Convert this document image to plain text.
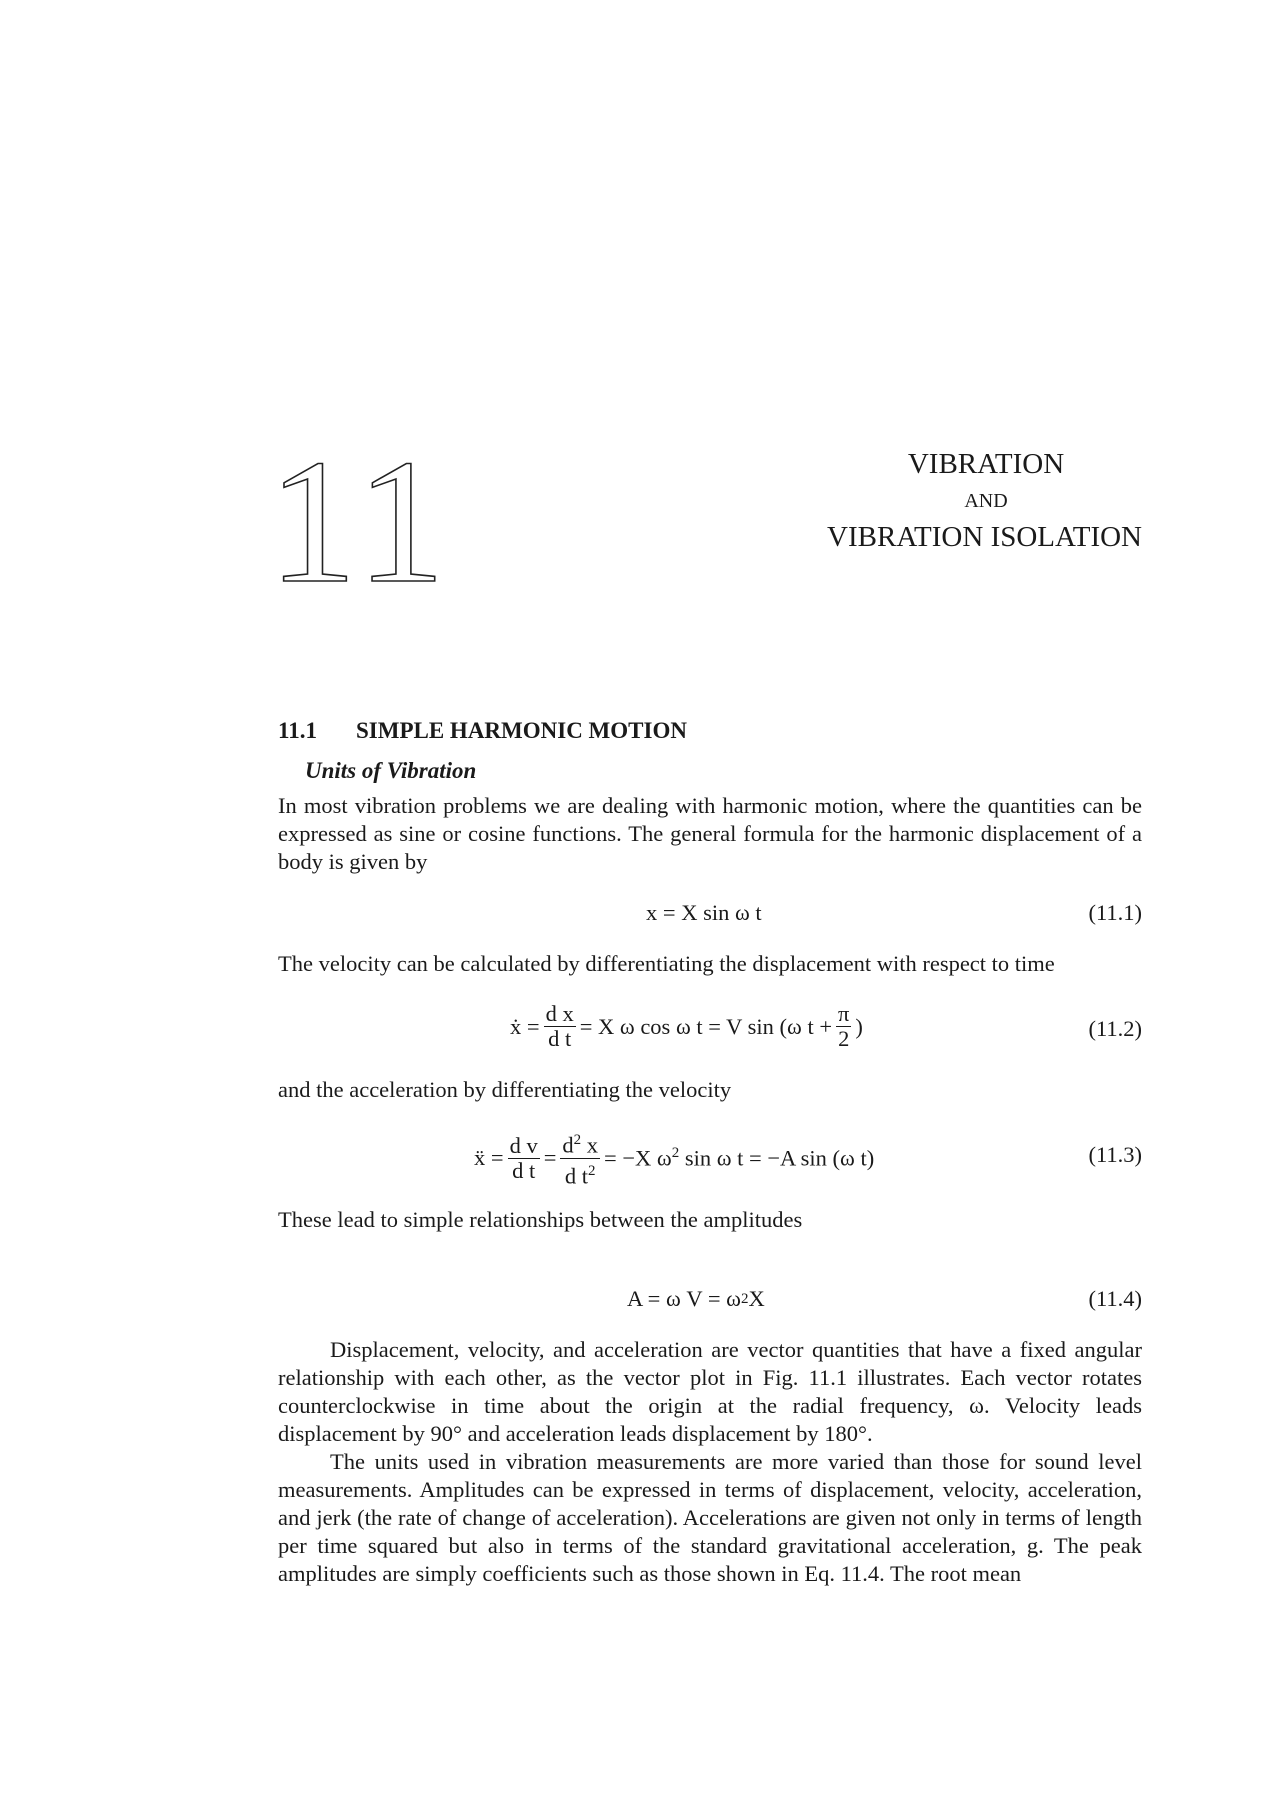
11	VIBRATION
AND
VIBRATION ISOLATION
11.1 SIMPLE HARMONIC MOTION
Units of Vibration

In most vibration problems we are dealing with harmonic motion, where the quantities can be expressed as sine or cosine functions. The general formula for the harmonic displacement of a body is given by

x = X sin ω t	(11.1)

The velocity can be calculated by differentiating the displacement with respect to time

ẋ = $\frac{\text{d x}}{\text{d t}} = X$ ω cos ω t = V sin (ω $t + \frac{\pi}{2}$ )	(11.2)

and the acceleration by differentiating the velocity

ẍ = $\frac{\text{d v}}{\text{d t}} = \frac{d^2 x}{d t^2} = -X$ $\omega^2$ sin ω t = −A sin (ω t)	(11.3)

These lead to simple relationships between the amplitudes

A = ω V = ω 2 X	(11.4)

Displacement, velocity, and acceleration are vector quantities that have a fixed angular relationship with each other, as the vector plot in Fig. 11.1 illustrates. Each vector rotates counterclockwise in time about the origin at the radial frequency, ω. Velocity leads displacement by 90° and acceleration leads displacement by 180°.

The units used in vibration measurements are more varied than those for sound level measurements. Amplitudes can be expressed in terms of displacement, velocity, acceleration, and jerk (the rate of change of acceleration). Accelerations are given not only in terms of length per time squared but also in terms of the standard gravitational acceleration, g. The peak amplitudes are simply coefficients such as those shown in Eq. 11.4. The root mean
